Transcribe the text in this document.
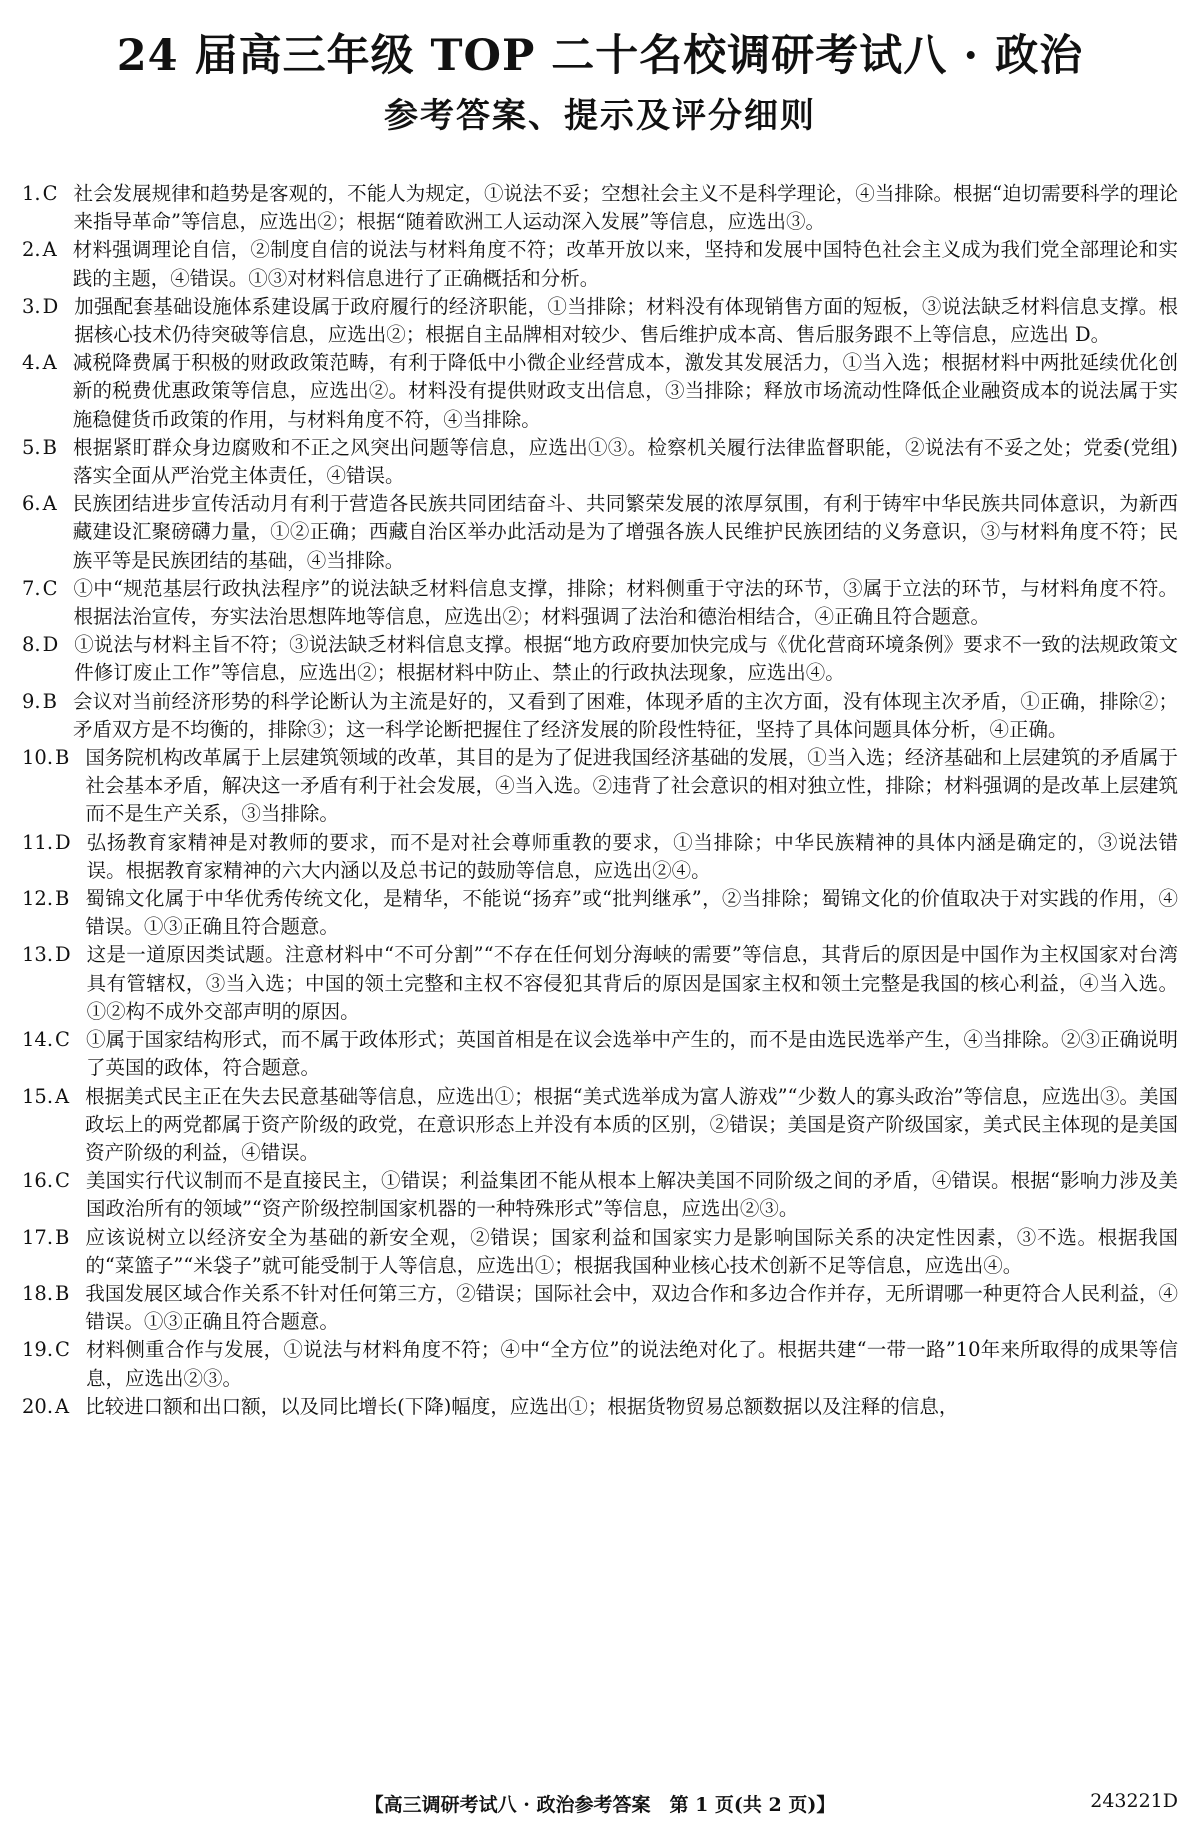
24 届高三年级 TOP 二十名校调研考试八 · 政治
参考答案、提示及评分细则
1. C 社会发展规律和趋势是客观的，不能人为规定，①说法不妥；空想社会主义不是科学理论，④当排除。根据“迫切需要科学的理论来指导革命”等信息，应选出②；根据“随着欧洲工人运动深入发展”等信息，应选出③。
2. A 材料强调理论自信，②制度自信的说法与材料角度不符；改革开放以来，坚持和发展中国特色社会主义成为我们党全部理论和实践的主题，④错误。①③对材料信息进行了正确概括和分析。
3. D 加强配套基础设施体系建设属于政府履行的经济职能，①当排除；材料没有体现销售方面的短板，③说法缺乏材料信息支撑。根据核心技术仍待突破等信息，应选出②；根据自主品牌相对较少、售后维护成本高、售后服务跟不上等信息，应选出 D。
4. A 减税降费属于积极的财政政策范畴，有利于降低中小微企业经营成本，激发其发展活力，①当入选；根据材料中两批延续优化创新的税费优惠政策等信息，应选出②。材料没有提供财政支出信息，③当排除；释放市场流动性降低企业融资成本的说法属于实施稳健货币政策的作用，与材料角度不符，④当排除。
5. B 根据紧盯群众身边腐败和不正之风突出问题等信息，应选出①③。检察机关履行法律监督职能，②说法有不妥之处；党委(党组)落实全面从严治党主体责任，④错误。
6. A 民族团结进步宣传活动月有利于营造各民族共同团结奋斗、共同繁荣发展的浓厚氛围，有利于铸牢中华民族共同体意识，为新西藏建设汇聚磅礴力量，①②正确；西藏自治区举办此活动是为了增强各族人民维护民族团结的义务意识，③与材料角度不符；民族平等是民族团结的基础，④当排除。
7. C ①中“规范基层行政执法程序”的说法缺乏材料信息支撑，排除；材料侧重于守法的环节，③属于立法的环节，与材料角度不符。根据法治宣传，夯实法治思想阵地等信息，应选出②；材料强调了法治和德治相结合，④正确且符合题意。
8. D ①说法与材料主旨不符；③说法缺乏材料信息支撑。根据“地方政府要加快完成与《优化营商环境条例》要求不一致的法规政策文件修订废止工作”等信息，应选出②；根据材料中防止、禁止的行政执法现象，应选出④。
9. B 会议对当前经济形势的科学论断认为主流是好的，又看到了困难，体现矛盾的主次方面，没有体现主次矛盾，①正确，排除②；矛盾双方是不均衡的，排除③；这一科学论断把握住了经济发展的阶段性特征，坚持了具体问题具体分析，④正确。
10. B 国务院机构改革属于上层建筑领域的改革，其目的是为了促进我国经济基础的发展，①当入选；经济基础和上层建筑的矛盾属于社会基本矛盾，解决这一矛盾有利于社会发展，④当入选。②违背了社会意识的相对独立性，排除；材料强调的是改革上层建筑而不是生产关系，③当排除。
11. D 弘扬教育家精神是对教师的要求，而不是对社会尊师重教的要求，①当排除；中华民族精神的具体内涵是确定的，③说法错误。根据教育家精神的六大内涵以及总书记的鼓励等信息，应选出②④。
12. B 蜀锦文化属于中华优秀传统文化，是精华，不能说“扬弃”或“批判继承”，②当排除；蜀锦文化的价值取决于对实践的作用，④错误。①③正确且符合题意。
13. D 这是一道原因类试题。注意材料中“不可分割”“不存在任何划分海峡的需要”等信息，其背后的原因是中国作为主权国家对台湾具有管辖权，③当入选；中国的领土完整和主权不容侵犯其背后的原因是国家主权和领土完整是我国的核心利益，④当入选。①②构不成外交部声明的原因。
14. C ①属于国家结构形式，而不属于政体形式；英国首相是在议会选举中产生的，而不是由选民选举产生，④当排除。②③正确说明了英国的政体，符合题意。
15. A 根据美式民主正在失去民意基础等信息，应选出①；根据“美式选举成为富人游戏”“少数人的寡头政治”等信息，应选出③。美国政坛上的两党都属于资产阶级的政党，在意识形态上并没有本质的区别，②错误；美国是资产阶级国家，美式民主体现的是美国资产阶级的利益，④错误。
16. C 美国实行代议制而不是直接民主，①错误；利益集团不能从根本上解决美国不同阶级之间的矛盾，④错误。根据“影响力涉及美国政治所有的领域”“资产阶级控制国家机器的一种特殊形式”等信息，应选出②③。
17. B 应该说树立以经济安全为基础的新安全观，②错误；国家利益和国家实力是影响国际关系的决定性因素，③不选。根据我国的“菜篮子”“米袋子”就可能受制于人等信息，应选出①；根据我国种业核心技术创新不足等信息，应选出④。
18. B 我国发展区域合作关系不针对任何第三方，②错误；国际社会中，双边合作和多边合作并存，无所谓哪一种更符合人民利益，④错误。①③正确且符合题意。
19. C 材料侧重合作与发展，①说法与材料角度不符；④中“全方位”的说法绝对化了。根据共建“一带一路”10年来所取得的成果等信息，应选出②③。
20. A 比较进口额和出口额，以及同比增长(下降)幅度，应选出①；根据货物贸易总额数据以及注释的信息，
【高三调研考试八 · 政治参考答案　第 1 页(共 2 页)】	243221D
